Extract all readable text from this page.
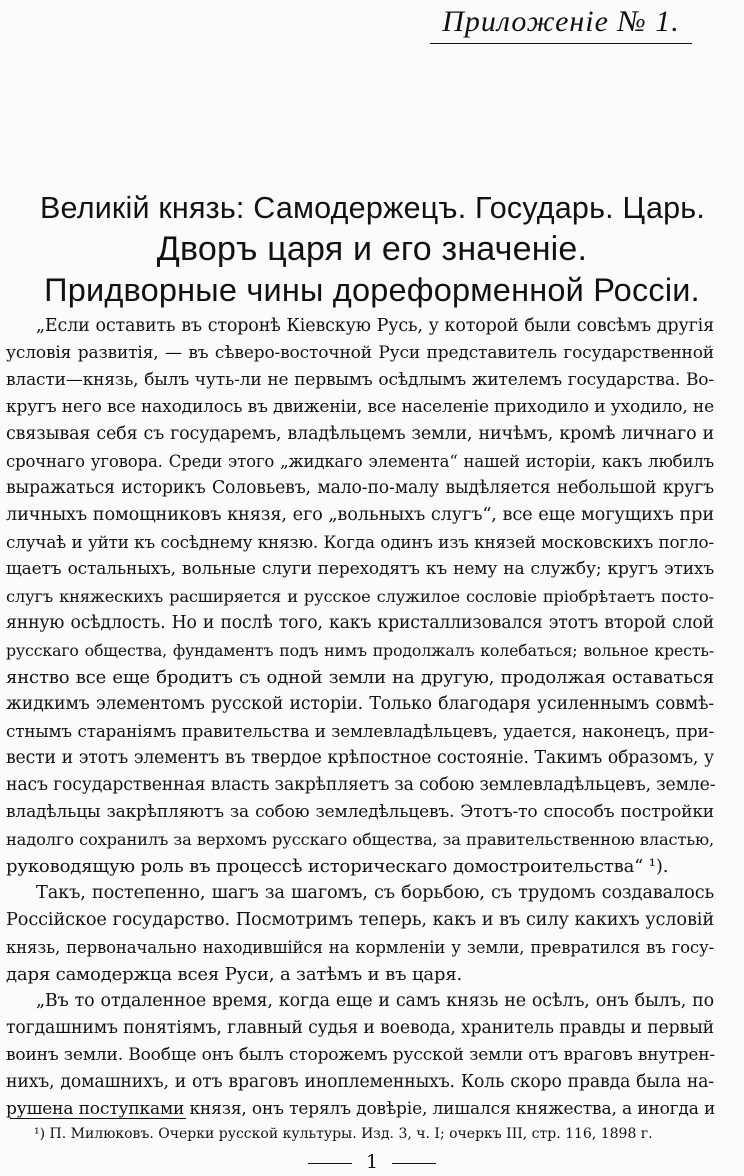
Приложеніе № 1.
Великій князь: Самодержецъ. Государь. Царь.
Дворъ царя и его значеніе.
Придворные чины дореформенной Россіи.
„Если оставить въ сторонѣ Кіевскую Русь, у которой были совсѣмъ другія
условія развитія, — въ сѣверо-восточной Руси представитель государственной
власти—князь, былъ чуть-ли не первымъ осѣдлымъ жителемъ государства. Во-
кругъ него все находилось въ движеніи, все населеніе приходило и уходило, не
связывая себя съ государемъ, владѣльцемъ земли, ничѣмъ, кромѣ личнаго и
срочнаго уговора. Среди этого „жидкаго элемента“ нашей исторіи, какъ любилъ
выражаться историкъ Соловьевъ, мало-по-малу выдѣляется небольшой кругъ
личныхъ помощниковъ князя, его „вольныхъ слугъ“, все еще могущихъ при
случаѣ и уйти къ сосѣднему князю. Когда одинъ изъ князей московскихъ погло-
щаетъ остальныхъ, вольные слуги переходятъ къ нему на службу; кругъ этихъ
слугъ княжескихъ расширяется и русское служилое сословіе пріобрѣтаетъ посто-
янную осѣдлость. Но и послѣ того, какъ кристаллизовался этотъ второй слой
русскаго общества, фундаментъ подъ нимъ продолжалъ колебаться; вольное кресть-
янство все еще бродитъ съ одной земли на другую, продолжая оставаться
жидкимъ элементомъ русской исторіи. Только благодаря усиленнымъ совмѣ-
стнымъ стараніямъ правительства и землевладѣльцевъ, удается, наконецъ, при-
вести и этотъ элементъ въ твердое крѣпостное состояніе. Такимъ образомъ, у
насъ государственная власть закрѣпляетъ за собою землевладѣльцевъ, земле-
владѣльцы закрѣпляютъ за собою земледѣльцевъ. Этотъ-то способъ постройки
надолго сохранилъ за верхомъ русскаго общества, за правительственною властью,
руководящую роль въ процессѣ историческаго домостроительства“ ¹).
Такъ, постепенно, шагъ за шагомъ, съ борьбою, съ трудомъ создавалось
Россійское государство. Посмотримъ теперь, какъ и въ силу какихъ условій
князь, первоначально находившійся на кормленіи у земли, превратился въ госу-
даря самодержца всея Руси, а затѣмъ и въ царя.
„Въ то отдаленное время, когда еще и самъ князь не осѣлъ, онъ былъ, по
тогдашнимъ понятіямъ, главный судья и воевода, хранитель правды и первый
воинъ земли. Вообще онъ былъ сторожемъ русской земли отъ враговъ внутрен-
нихъ, домашнихъ, и отъ враговъ иноплеменныхъ. Коль скоро правда была на-
рушена поступками князя, онъ терялъ довѣріе, лишался княжества, а иногда и
¹) П. Милюковъ. Очерки русской культуры. Изд. 3, ч. I; очеркъ III, стр. 116, 1898 г.
1
